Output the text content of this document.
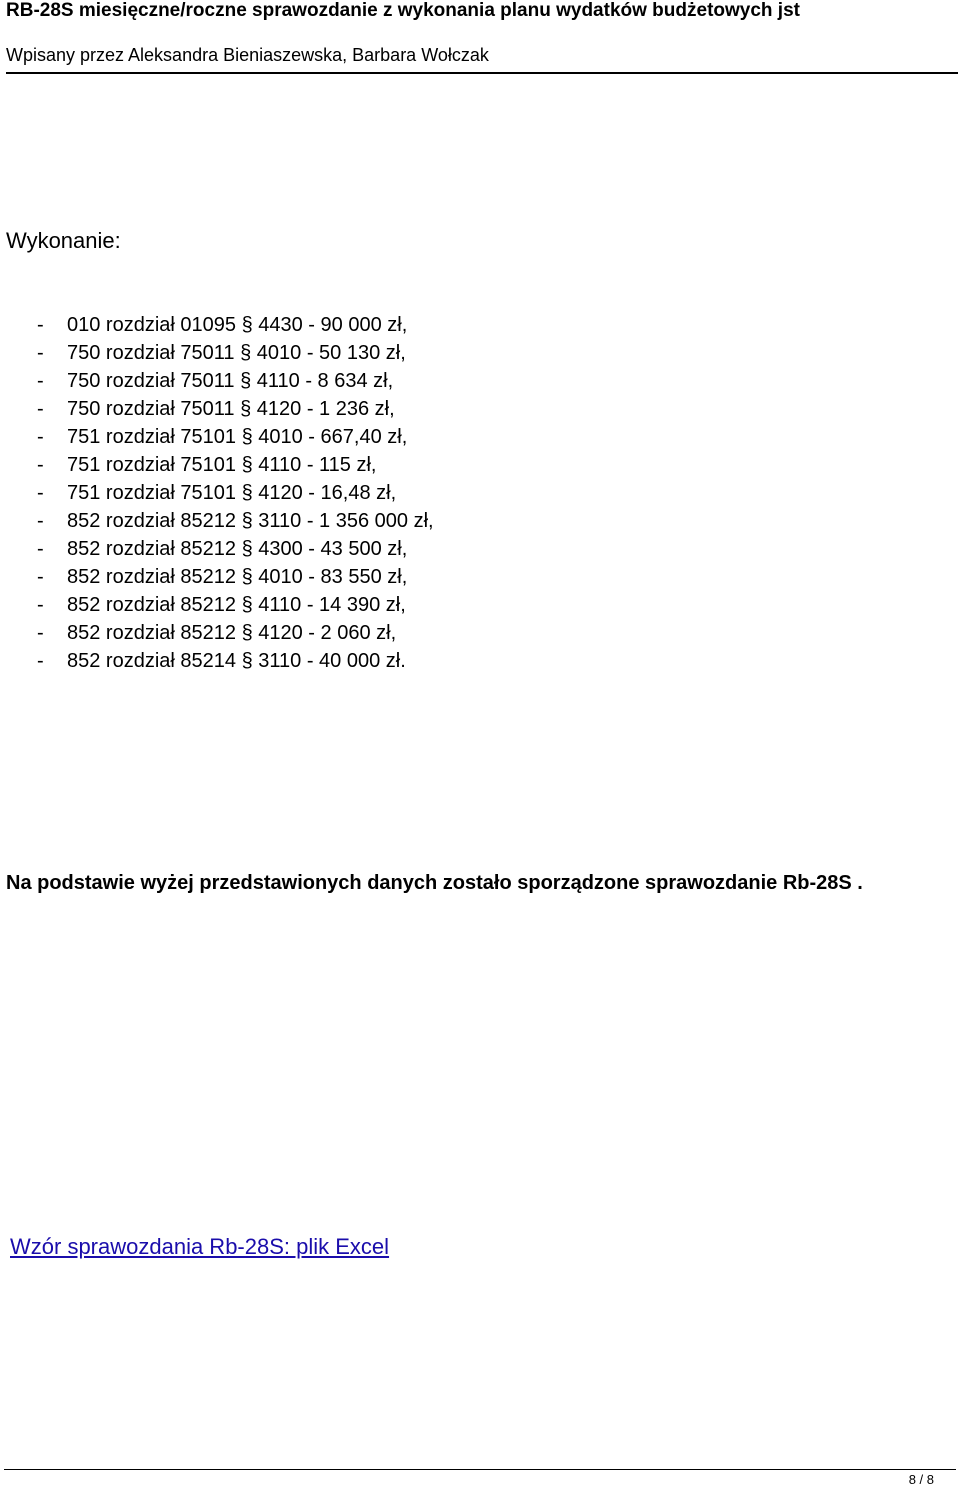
RB-28S miesięczne/roczne sprawozdanie z wykonania planu wydatków budżetowych jst
Wpisany przez Aleksandra Bieniaszewska, Barbara Wołczak
Wykonanie:
- 010 rozdział 01095 § 4430 - 90 000 zł,
- 750 rozdział 75011 § 4010 - 50 130 zł,
- 750 rozdział 75011 § 4110 - 8 634 zł,
- 750 rozdział 75011 § 4120 - 1 236 zł,
- 751 rozdział 75101 § 4010 - 667,40 zł,
- 751 rozdział 75101 § 4110 - 115 zł,
- 751 rozdział 75101 § 4120 - 16,48 zł,
- 852 rozdział 85212 § 3110 - 1 356 000 zł,
- 852 rozdział 85212 § 4300 - 43 500 zł,
- 852 rozdział 85212 § 4010 - 83 550 zł,
- 852 rozdział 85212 § 4110 - 14 390 zł,
- 852 rozdział 85212 § 4120 - 2 060 zł,
- 852 rozdział 85214 § 3110 - 40 000 zł.
Na podstawie wyżej przedstawionych danych zostało sporządzone sprawozdanie Rb-28S .
Wzór sprawozdania Rb-28S: plik Excel
8 / 8
